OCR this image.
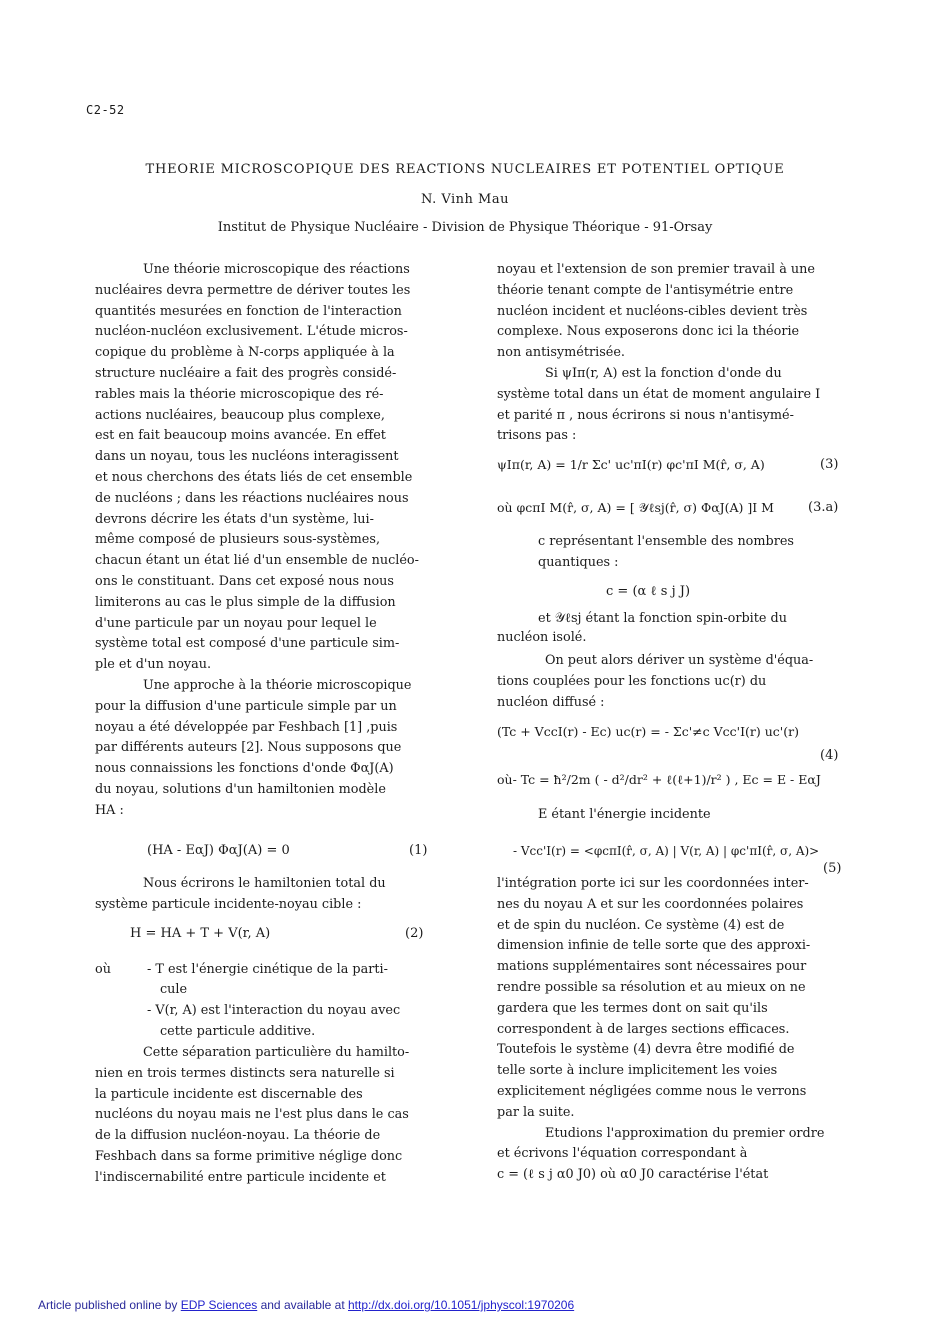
C2-52
THEORIE MICROSCOPIQUE DES REACTIONS NUCLEAIRES ET POTENTIEL OPTIQUE
N. Vinh Mau
Institut de Physique Nucléaire - Division de Physique Théorique - 91-Orsay
Une théorie microscopique des réactions
nucléaires devra permettre de dériver toutes les
quantités mesurées en fonction de l'interaction
nucléon-nucléon exclusivement. L'étude micros-
copique du problème à N-corps appliquée à la
structure nucléaire a fait des progrès considé-
rables mais la théorie microscopique des ré-
actions nucléaires, beaucoup plus complexe,
est en fait beaucoup moins avancée. En effet
dans un noyau, tous les nucléons interagissent
et nous cherchons des états liés de cet ensemble
de nucléons ; dans les réactions nucléaires nous
devrons décrire les états d'un système, lui-
même composé de plusieurs sous-systèmes,
chacun étant un état lié d'un ensemble de nucléo-
ons le constituant. Dans cet exposé nous nous
limiterons au cas le plus simple de la diffusion
d'une particule par un noyau pour lequel le
système total est composé d'une particule sim-
ple et d'un noyau.
Une approche à la théorie microscopique
pour la diffusion d'une particule simple par un
noyau a été développée par Feshbach [1] ,puis
par différents auteurs [2]. Nous supposons que
nous connaissions les fonctions d'onde ΦαJ(A)
du noyau, solutions d'un hamiltonien modèle
HA :
(HA - EαJ) ΦαJ(A) = 0	(1)
Nous écrirons le hamiltonien total du
système particule incidente-noyau cible :
H = HA + T + V(r, A)	(2)
où	- T est l'énergie cinétique de la parti-
cule
- V(r, A) est l'interaction du noyau avec
cette particule additive.
Cette séparation particulière du hamilto-
nien en trois termes distincts sera naturelle si
la particule incidente est discernable des
nucléons du noyau mais ne l'est plus dans le cas
de la diffusion nucléon-noyau. La théorie de
Feshbach dans sa forme primitive néglige donc
l'indiscernabilité entre particule incidente et
noyau et l'extension de son premier travail à une
théorie tenant compte de l'antisymétrie entre
nucléon incident et nucléons-cibles devient très
complexe. Nous exposerons donc ici la théorie
non antisymétrisée.
Si ψIπ(r, A) est la fonction d'onde du
système total dans un état de moment angulaire I
et parité π , nous écrirons si nous n'antisymé-
trisons pas :
ψIπ(r, A) = 1/r Σc' uc'πI(r) φc'πI M(r̂, σ, A)	(3)
où φcπI M(r̂, σ, A) = [ 𝒴ℓsj(r̂, σ) ΦαJ(A) ]I M	(3.a)
c représentant l'ensemble des nombres
quantiques :
c = (α ℓ s j J)
et 𝒴ℓsj étant la fonction spin-orbite du
nucléon isolé.
On peut alors dériver un système d'équa-
tions couplées pour les fonctions uc(r) du
nucléon diffusé :
(Tc + VccI(r) - Ec) uc(r) = - Σc'≠c Vcc'I(r) uc'(r)
(4)
où- Tc = ħ²/2m ( - d²/dr² + ℓ(ℓ+1)/r² ) , Ec = E - EαJ
E étant l'énergie incidente
- Vcc'I(r) = <φcπI(r̂, σ, A) | V(r, A) | φc'πI(r̂, σ, A)>
(5)
l'intégration porte ici sur les coordonnées inter-
nes du noyau A et sur les coordonnées polaires
et de spin du nucléon. Ce système (4) est de
dimension infinie de telle sorte que des approxi-
mations supplémentaires sont nécessaires pour
rendre possible sa résolution et au mieux on ne
gardera que les termes dont on sait qu'ils
correspondent à de larges sections efficaces.
Toutefois le système (4) devra être modifié de
telle sorte à inclure implicitement les voies
explicitement négligées comme nous le verrons
par la suite.
Etudions l'approximation du premier ordre
et écrivons l'équation correspondant à
c = (ℓ s j α0 J0) où α0 J0 caractérise l'état
Article published online by EDP Sciences and available at http://dx.doi.org/10.1051/jphyscol:1970206
